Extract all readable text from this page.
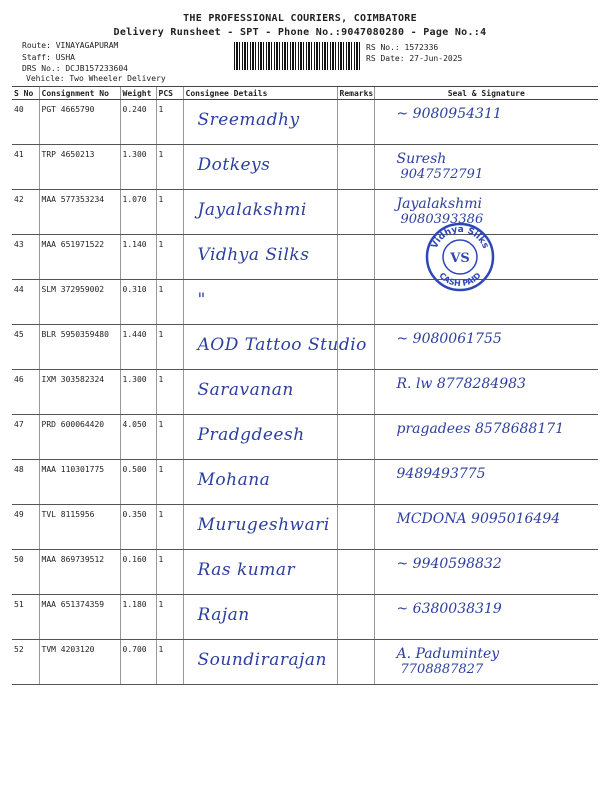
THE PROFESSIONAL COURIERS, COIMBATORE
Delivery Runsheet - SPT - Phone No.:9047080280 - Page No.:4
Route: VINAYAGAPURAM
Staff: USHA
DRS No.: DCJB157233604
Vehicle: Two Wheeler Delivery
RS No.: 1572336
RS Date: 27-Jun-2025
S No	Consignment No	Weight	PCS	Consignee Details	Remarks	Seal & Signature
40	PGT 4665790	0.240	1	Sreemadhy		~ 9080954311

41	TRP 4650213	1.300	1	Dotkeys		Suresh
9047572791

42	MAA 577353234	1.070	1	Jayalakshmi		Jayalakshmi
9080393386

43	MAA 651971522	1.140	1	Vidhya Silks		

44	SLM 372959002	0.310	1	"		

45	BLR 5950359480	1.440	1	AOD Tattoo Studio		~ 9080061755

46	IXM 303582324	1.300	1	Saravanan		R. lw 8778284983

47	PRD 600064420	4.050	1	Pradgdeesh		pragadees 8578688171

48	MAA 110301775	0.500	1	Mohana		9489493775

49	TVL 8115956	0.350	1	Murugeshwari		MCDONA 9095016494

50	MAA 869739512	0.160	1	Ras kumar		~ 9940598832

51	MAA 651374359	1.180	1	Rajan		~ 6380038319

52	TVM 4203120	0.700	1	Soundirarajan		A. Padumintey
7708887827
Vidhya Silks
CASH PAID
VS
